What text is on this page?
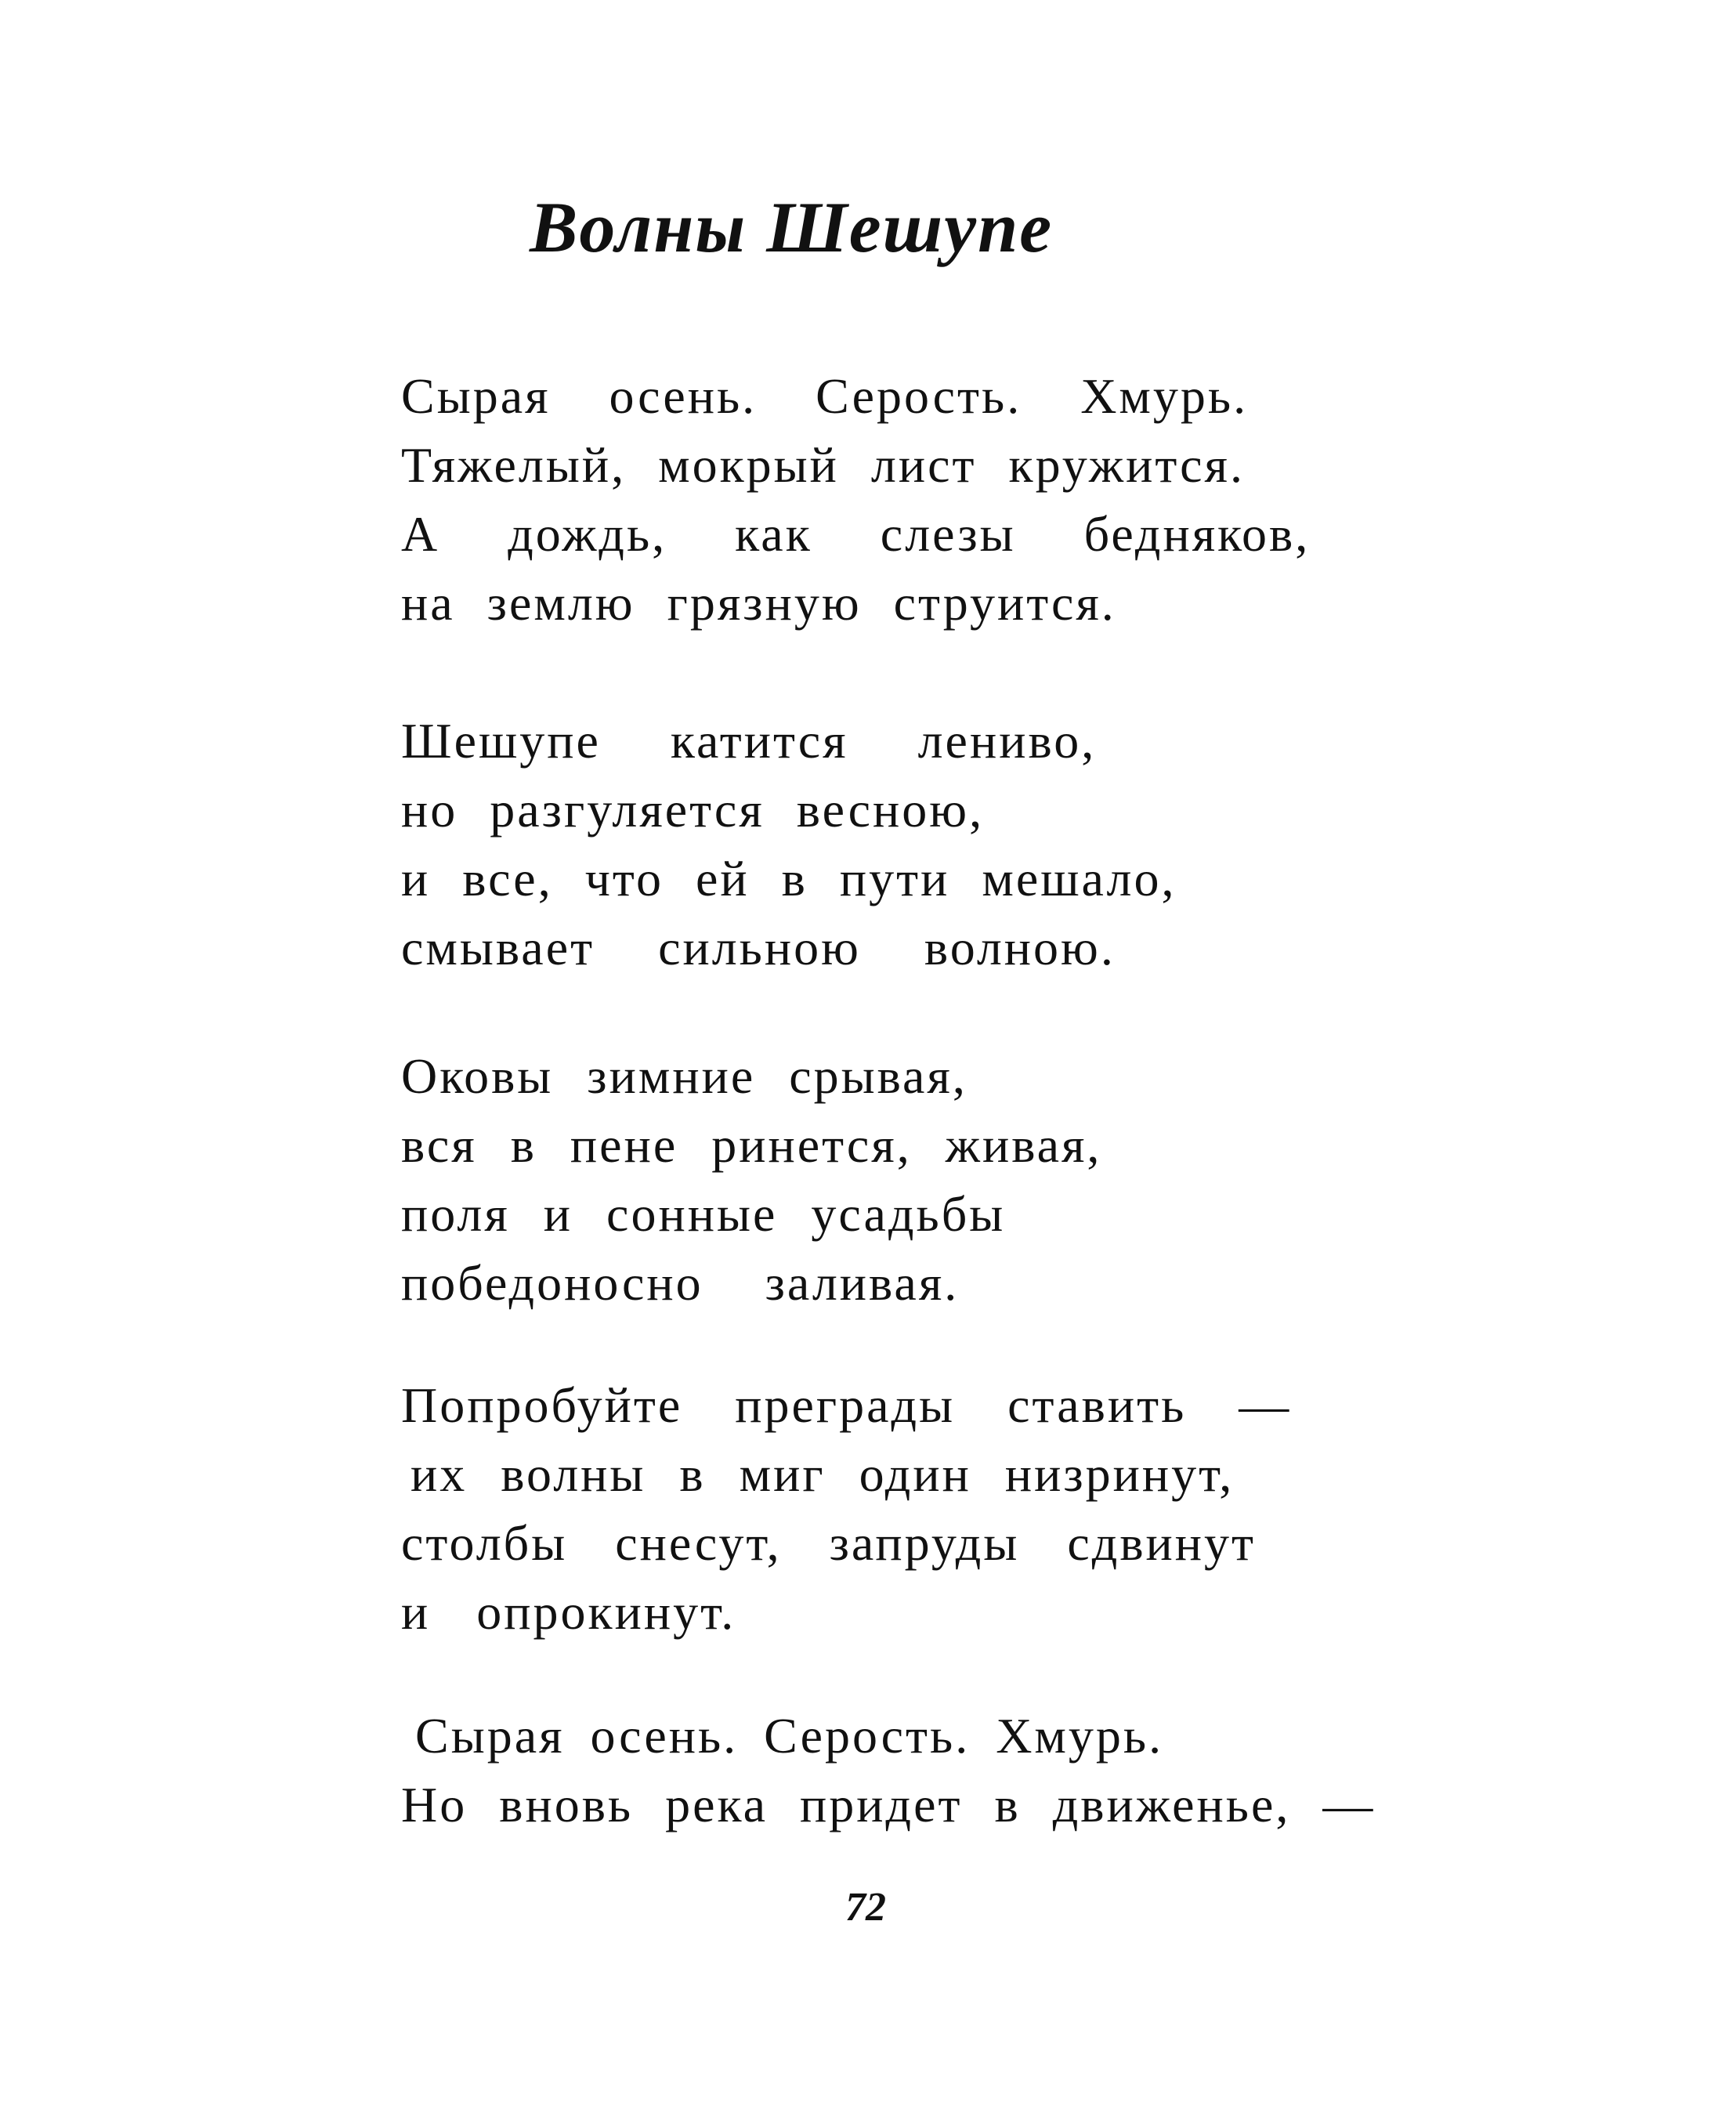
Волны Шешупе
Сырая осень. Серость. Хмурь.
Тяжелый, мокрый лист кружится.
А дождь, как слезы бедняков,
на землю грязную струится.
Шешупе катится лениво,
но разгуляется весною,
и все, что ей в пути мешало,
смывает сильною волною.
Оковы зимние срывая,
вся в пене ринется, живая,
поля и сонные усадьбы
победоносно заливая.
Попробуйте преграды ставить —
их волны в миг один низринут,
столбы снесут, запруды сдвинут
и опрокинут.
Сырая осень. Серость. Хмурь.
Но вновь река придет в движенье, —
72
